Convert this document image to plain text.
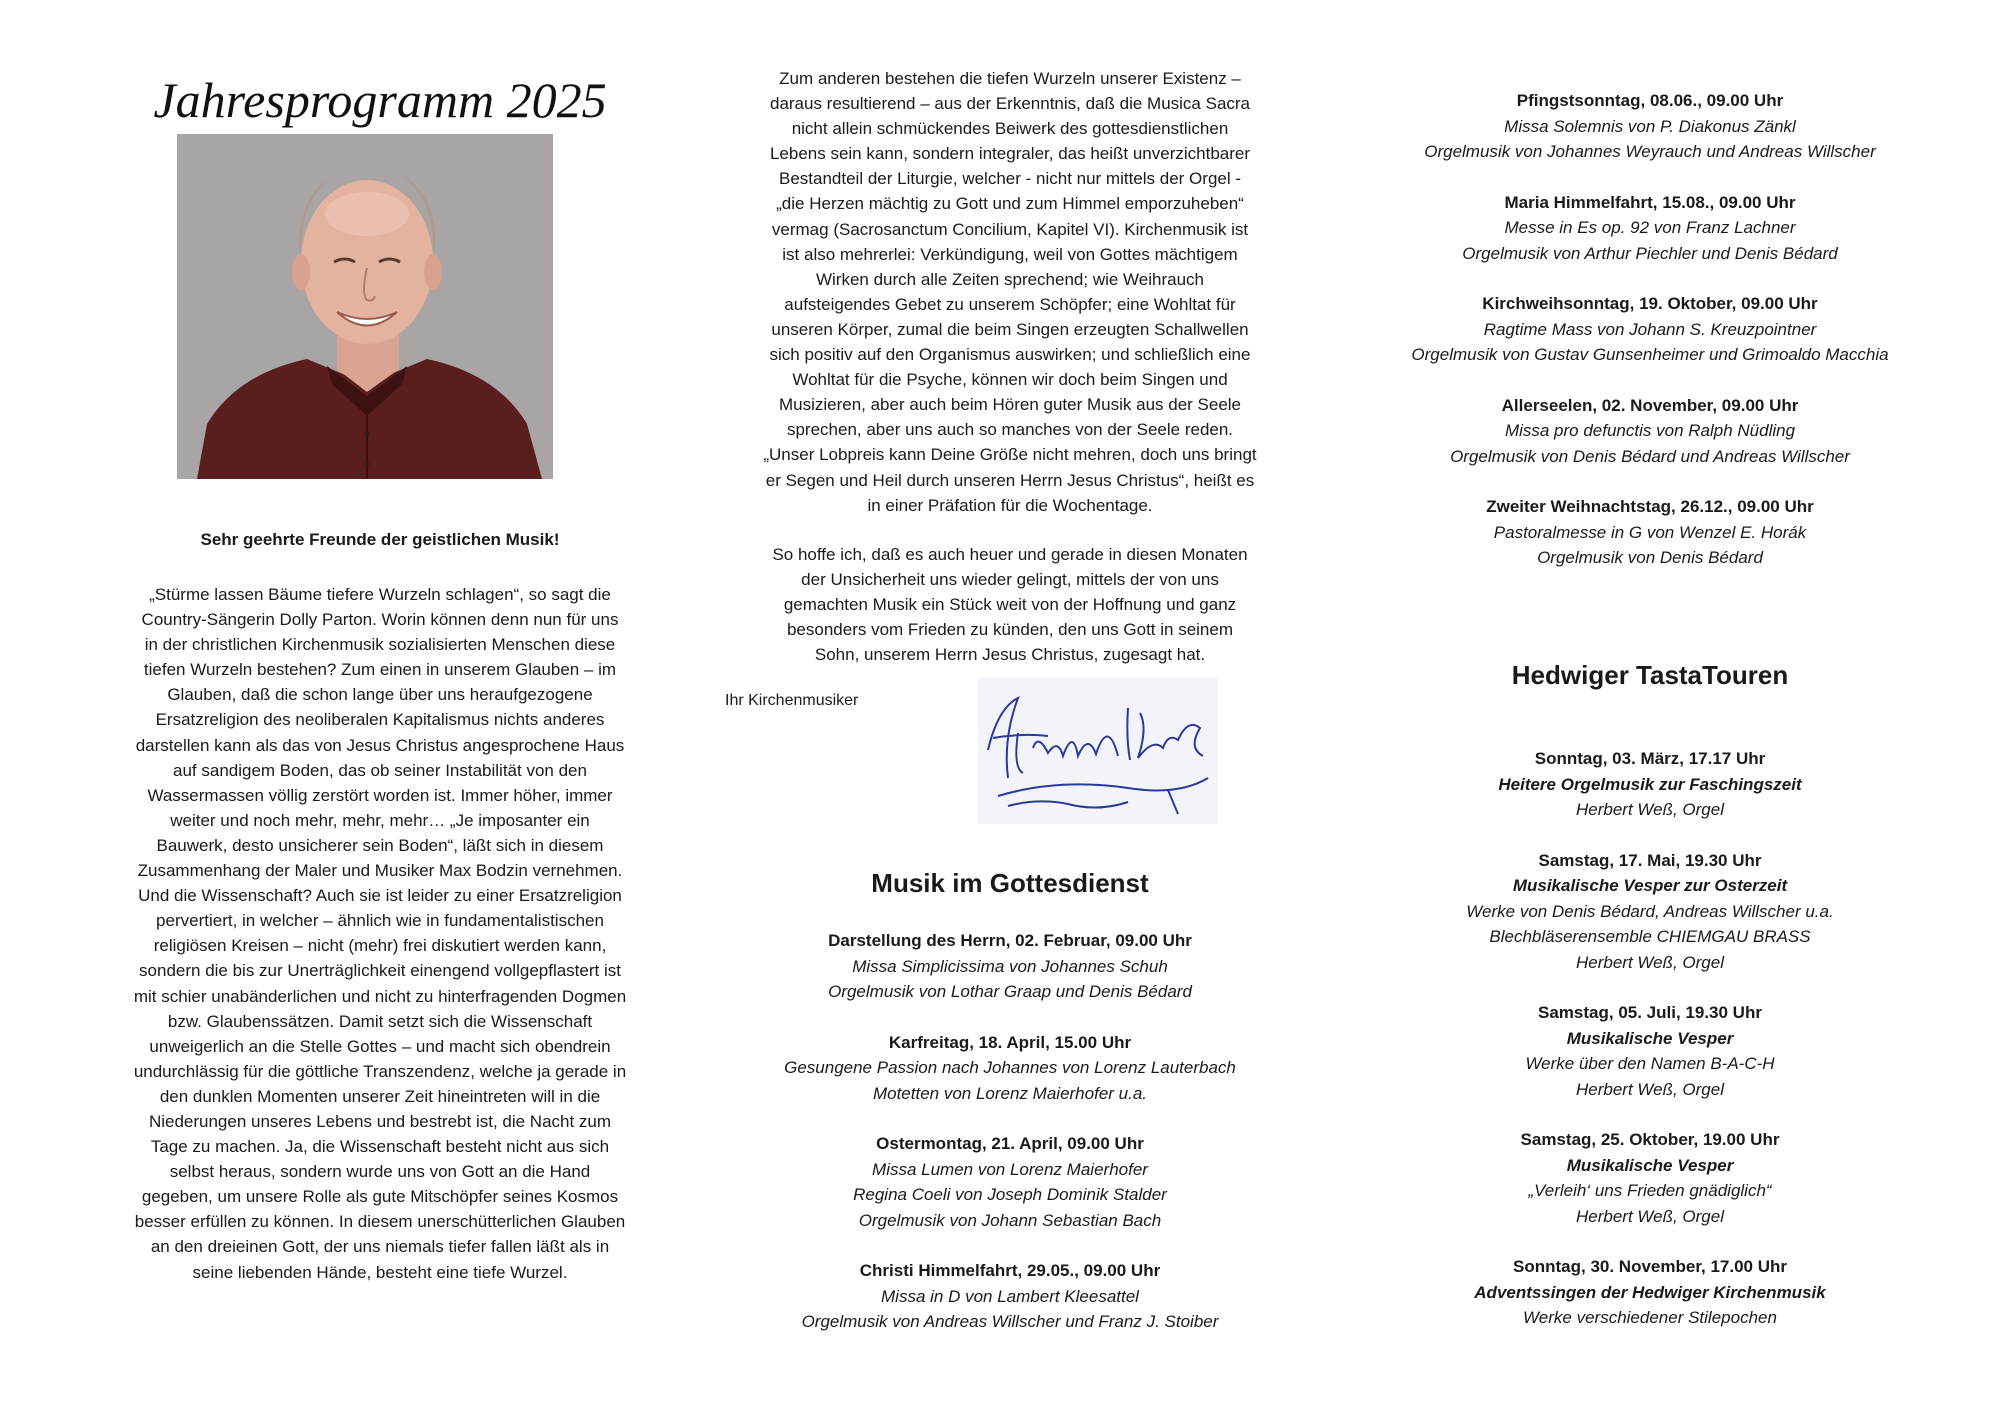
Jahresprogramm 2025
Sehr geehrte Freunde der geistlichen Musik!
„Stürme lassen Bäume tiefere Wurzeln schlagen“, so sagt die
Country-Sängerin Dolly Parton. Worin können denn nun für uns
in der christlichen Kirchenmusik sozialisierten Menschen diese
tiefen Wurzeln bestehen? Zum einen in unserem Glauben – im
Glauben, daß die schon lange über uns heraufgezogene
Ersatzreligion des neoliberalen Kapitalismus nichts anderes
darstellen kann als das von Jesus Christus angesprochene Haus
auf sandigem Boden, das ob seiner Instabilität von den
Wassermassen völlig zerstört worden ist. Immer höher, immer
weiter und noch mehr, mehr, mehr… „Je imposanter ein
Bauwerk, desto unsicherer sein Boden“, läßt sich in diesem
Zusammenhang der Maler und Musiker Max Bodzin vernehmen.
Und die Wissenschaft? Auch sie ist leider zu einer Ersatzreligion
pervertiert, in welcher – ähnlich wie in fundamentalistischen
religiösen Kreisen – nicht (mehr) frei diskutiert werden kann,
sondern die bis zur Unerträglichkeit einengend vollgepflastert ist
mit schier unabänderlichen und nicht zu hinterfragenden Dogmen
bzw. Glaubenssätzen. Damit setzt sich die Wissenschaft
unweigerlich an die Stelle Gottes – und macht sich obendrein
undurchlässig für die göttliche Transzendenz, welche ja gerade in
den dunklen Momenten unserer Zeit hineintreten will in die
Niederungen unseres Lebens und bestrebt ist, die Nacht zum
Tage zu machen. Ja, die Wissenschaft besteht nicht aus sich
selbst heraus, sondern wurde uns von Gott an die Hand
gegeben, um unsere Rolle als gute Mitschöpfer seines Kosmos
besser erfüllen zu können. In diesem unerschütterlichen Glauben
an den dreieinen Gott, der uns niemals tiefer fallen läßt als in
seine liebenden Hände, besteht eine tiefe Wurzel.
Zum anderen bestehen die tiefen Wurzeln unserer Existenz –
daraus resultierend – aus der Erkenntnis, daß die Musica Sacra
nicht allein schmückendes Beiwerk des gottesdienstlichen
Lebens sein kann, sondern integraler, das heißt unverzichtbarer
Bestandteil der Liturgie, welcher - nicht nur mittels der Orgel -
„die Herzen mächtig zu Gott und zum Himmel emporzuheben“
vermag (Sacrosanctum Concilium, Kapitel VI). Kirchenmusik ist
ist also mehrerlei: Verkündigung, weil von Gottes mächtigem
Wirken durch alle Zeiten sprechend; wie Weihrauch
aufsteigendes Gebet zu unserem Schöpfer; eine Wohltat für
unseren Körper, zumal die beim Singen erzeugten Schallwellen
sich positiv auf den Organismus auswirken; und schließlich eine
Wohltat für die Psyche, können wir doch beim Singen und
Musizieren, aber auch beim Hören guter Musik aus der Seele
sprechen, aber uns auch so manches von der Seele reden.
„Unser Lobpreis kann Deine Größe nicht mehren, doch uns bringt
er Segen und Heil durch unseren Herrn Jesus Christus“, heißt es
in einer Präfation für die Wochentage.
So hoffe ich, daß es auch heuer und gerade in diesen Monaten
der Unsicherheit uns wieder gelingt, mittels der von uns
gemachten Musik ein Stück weit von der Hoffnung und ganz
besonders vom Frieden zu künden, den uns Gott in seinem
Sohn, unserem Herrn Jesus Christus, zugesagt hat.
Ihr Kirchenmusiker
Musik im Gottesdienst
Darstellung des Herrn, 02. Februar, 09.00 Uhr
Missa Simplicissima von Johannes Schuh
Orgelmusik von Lothar Graap und Denis Bédard
Karfreitag, 18. April, 15.00 Uhr
Gesungene Passion nach Johannes von Lorenz Lauterbach
Motetten von Lorenz Maierhofer u.a.
Ostermontag, 21. April, 09.00 Uhr
Missa Lumen von Lorenz Maierhofer
Regina Coeli von Joseph Dominik Stalder
Orgelmusik von Johann Sebastian Bach
Christi Himmelfahrt, 29.05., 09.00 Uhr
Missa in D von Lambert Kleesattel
Orgelmusik von Andreas Willscher und Franz J. Stoiber
Pfingstsonntag, 08.06., 09.00 Uhr
Missa Solemnis von P. Diakonus Zänkl
Orgelmusik von Johannes Weyrauch und Andreas Willscher
Maria Himmelfahrt, 15.08., 09.00 Uhr
Messe in Es op. 92 von Franz Lachner
Orgelmusik von Arthur Piechler und Denis Bédard
Kirchweihsonntag, 19. Oktober, 09.00 Uhr
Ragtime Mass von Johann S. Kreuzpointner
Orgelmusik von Gustav Gunsenheimer und Grimoaldo Macchia
Allerseelen, 02. November, 09.00 Uhr
Missa pro defunctis von Ralph Nüdling
Orgelmusik von Denis Bédard und Andreas Willscher
Zweiter Weihnachtstag, 26.12., 09.00 Uhr
Pastoralmesse in G von Wenzel E. Horák
Orgelmusik von Denis Bédard
Hedwiger TastaTouren
Sonntag, 03. März, 17.17 Uhr
Heitere Orgelmusik zur Faschingszeit
Herbert Weß, Orgel
Samstag, 17. Mai, 19.30 Uhr
Musikalische Vesper zur Osterzeit
Werke von Denis Bédard, Andreas Willscher u.a.
Blechbläserensemble CHIEMGAU BRASS
Herbert Weß, Orgel
Samstag, 05. Juli, 19.30 Uhr
Musikalische Vesper
Werke über den Namen B-A-C-H
Herbert Weß, Orgel
Samstag, 25. Oktober, 19.00 Uhr
Musikalische Vesper
„Verleih‘ uns Frieden gnädiglich“
Herbert Weß, Orgel
Sonntag, 30. November, 17.00 Uhr
Adventssingen der Hedwiger Kirchenmusik
Werke verschiedener Stilepochen
